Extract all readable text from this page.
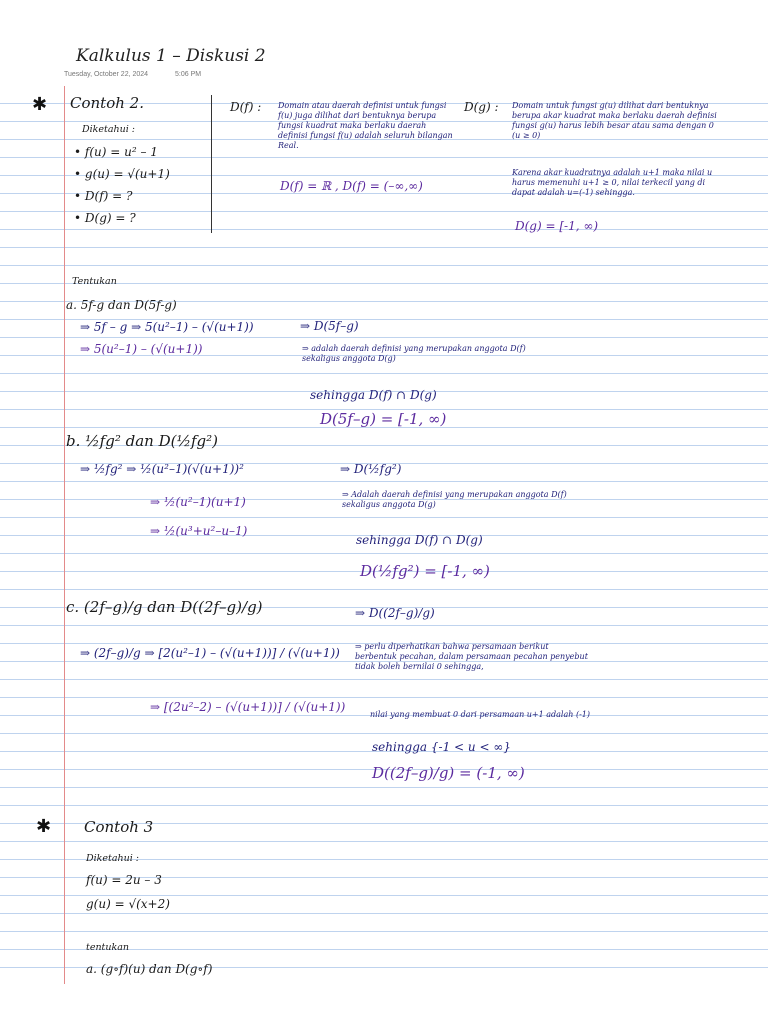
Kalkulus 1 – Diskusi 2
Tuesday, October 22, 2024	5:06 PM
✱ Contoh 2.
Diketahui :
• f(u) = u² – 1
• g(u) = √(u+1)
• D(f) = ?
• D(g) = ?
D(f) : Domain atau daerah definisi untuk fungsi f(u) juga dilihat dari bentuknya berupa fungsi kuadrat maka berlaku daerah definisi fungsi f(u) adalah seluruh bilangan Real.
D(f) = ℝ , D(f) = (–∞,∞)
D(g) : Domain untuk fungsi g(u) dilihat dari bentuknya berupa akar kuadrat maka berlaku daerah definisi fungsi g(u) harus lebih besar atau sama dengan 0 (u ≥ 0)
Karena akar kuadratnya adalah u+1 maka nilai u harus memenuhi u+1 ≥ 0, nilai terkecil yang di dapat adalah u=(-1) sehingga.
D(g) = [-1, ∞)
Tentukan
a. 5f-g dan D(5f-g)
⇒ 5f – g ⇒ 5(u²–1) – (√(u+1))
⇒ 5(u²–1) – (√(u+1))
⇒ D(5f–g)
⇒ adalah daerah definisi yang merupakan anggota D(f) sekaligus anggota D(g)
sehingga D(f) ∩ D(g)
D(5f–g) = [-1, ∞)
b. ½fg² dan D(½fg²)
⇒ ½fg² ⇒ ½(u²–1)(√(u+1))²
⇒ ½(u²–1)(u+1)
⇒ ½(u³+u²–u–1)
⇒ D(½fg²)
⇒ Adalah daerah definisi yang merupakan anggota D(f) sekaligus anggota D(g)
sehingga D(f) ∩ D(g)
D(½fg²) = [-1, ∞)
c. (2f–g)/g dan D((2f–g)/g)
⇒ (2f–g)/g ⇒ [2(u²–1) – (√(u+1))] / (√(u+1))
⇒ [(2u²–2) – (√(u+1))] / (√(u+1))
⇒ D((2f–g)/g)
⇒ perlu diperhatikan bahwa persamaan berikut berbentuk pecahan, dalam persamaan pecahan penyebut tidak boleh bernilai 0 sehingga,
nilai yang membuat 0 dari persamaan u+1 adalah (-1)
sehingga {-1 < u < ∞}
D((2f–g)/g) = (-1, ∞)
✱ Contoh 3
Diketahui :
f(u) = 2u – 3
g(u) = √(x+2)
tentukan
a. (g∘f)(u) dan D(g∘f)
